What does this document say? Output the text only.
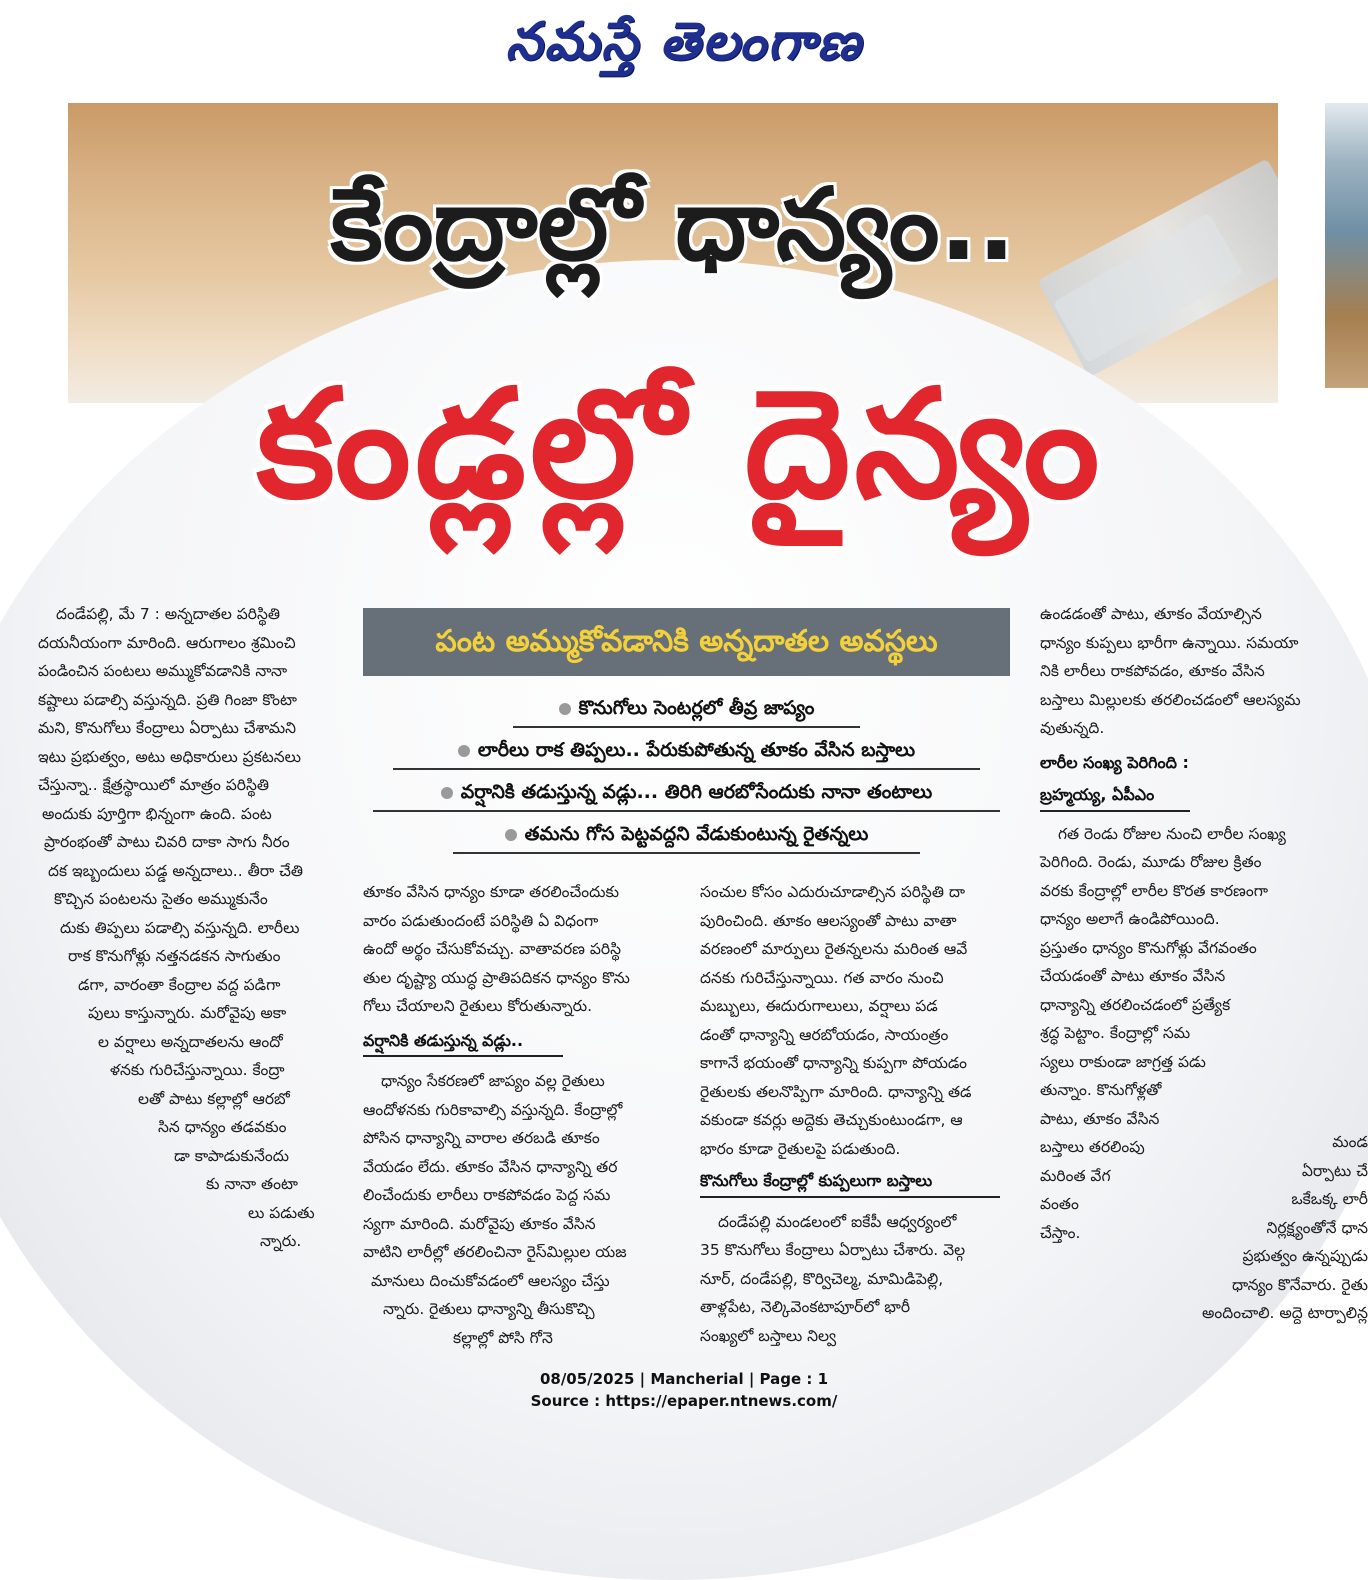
నమస్తే తెలంగాణ
కేంద్రాల్లో ధాన్యం..
కండ్లల్లో దైన్యం
పంట అమ్ముకోవడానికి అన్నదాతల అవస్థలు
కొనుగోలు సెంటర్లలో తీవ్ర జాప్యం
లారీలు రాక తిప్పలు.. పేరుకుపోతున్న తూకం వేసిన బస్తాలు
వర్షానికి తడుస్తున్న వడ్లు... తిరిగి ఆరబోసేందుకు నానా తంటాలు
తమను గోస పెట్టవద్దని వేడుకుంటున్న రైతన్నలు

దండేపల్లి, మే 7 : అన్నదాతల పరిస్థితి

దయనీయంగా మారింది. ఆరుగాలం శ్రమించి

పండించిన పంటలు అమ్ముకోవడానికి నానా

కష్టాలు పడాల్సి వస్తున్నది. ప్రతి గింజా కొంటా

మని, కొనుగోలు కేంద్రాలు ఏర్పాటు చేశామని

ఇటు ప్రభుత్వం, అటు అధికారులు ప్రకటనలు

చేస్తున్నా.. క్షేత్రస్థాయిలో మాత్రం పరిస్థితి

అందుకు పూర్తిగా భిన్నంగా ఉంది. పంట

ప్రారంభంతో పాటు చివరి దాకా సాగు నీరం

దక ఇబ్బందులు పడ్డ అన్నదాలు.. తీరా చేతి

కొచ్చిన పంటలను సైతం అమ్ముకునేం

దుకు తిప్పలు పడాల్సి వస్తున్నది. లారీలు

రాక కొనుగోళ్లు నత్తనడకన సాగుతుం

డగా, వారంతా కేంద్రాల వద్ద పడిగా

పులు కాస్తున్నారు. మరోవైపు అకా

ల వర్షాలు అన్నదాతలను ఆందో

ళనకు గురిచేస్తున్నాయి. కేంద్రా

లతో పాటు కల్లాల్లో ఆరబో

సిన ధాన్యం తడవకుం

డా కాపాడుకునేందు

కు నానా తంటా

లు పడుతు

న్నారు.

తూకం వేసిన ధాన్యం కూడా తరలించేందుకు

వారం పడుతుందంటే పరిస్థితి ఏ విధంగా

ఉందో అర్థం చేసుకోవచ్చు. వాతావరణ పరిస్థి

తుల దృష్ట్యా యుద్ధ ప్రాతిపదికన ధాన్యం కొను

గోలు చేయాలని రైతులు కోరుతున్నారు.

వర్షానికి తడుస్తున్న వడ్లు..

ధాన్యం సేకరణలో జాప్యం వల్ల రైతులు

ఆందోళనకు గురికావాల్సి వస్తున్నది. కేంద్రాల్లో

పోసిన ధాన్యాన్ని వారాల తరబడి తూకం

వేయడం లేదు. తూకం వేసిన ధాన్యాన్ని తర

లించేందుకు లారీలు రాకపోవడం పెద్ద సమ

స్యగా మారింది. మరోవైపు తూకం వేసిన

వాటిని లారీల్లో తరలించినా రైస్‌మిల్లుల యజ

మానులు దించుకోవడంలో ఆలస్యం చేస్తు

న్నారు. రైతులు ధాన్యాన్ని తీసుకొచ్చి

కల్లాల్లో పోసి గోనె

సంచుల కోసం ఎదురుచూడాల్సిన పరిస్థితి దా

పురించింది. తూకం ఆలస్యంతో పాటు వాతా

వరణంలో మార్పులు రైతన్నలను మరింత ఆవే

దనకు గురిచేస్తున్నాయి. గత వారం నుంచి

మబ్బులు, ఈదురుగాలులు, వర్షాలు పడ

డంతో ధాన్యాన్ని ఆరబోయడం, సాయంత్రం

కాగానే భయంతో ధాన్యాన్ని కుప్పగా పోయడం

రైతులకు తలనొప్పిగా మారింది. ధాన్యాన్ని తడ

వకుండా కవర్లు అద్దెకు తెచ్చుకుంటుండగా, ఆ

భారం కూడా రైతులపై పడుతుంది.

కొనుగోలు కేంద్రాల్లో కుప్పలుగా బస్తాలు

దండేపల్లి మండలంలో ఐకేపీ ఆధ్వర్యంలో

35 కొనుగోలు కేంద్రాలు ఏర్పాటు చేశారు. వెల్గ

నూర్, దండేపల్లి, కొర్విచెల్మ, మామిడిపెల్లి,

తాళ్లపేట, నెల్కివెంకటాపూర్‌లో భారీ

సంఖ్యలో బస్తాలు నిల్వ

ఉండడంతో పాటు, తూకం వేయాల్సిన

ధాన్యం కుప్పలు భారీగా ఉన్నాయి. సమయా

నికి లారీలు రాకపోవడం, తూకం వేసిన

బస్తాలు మిల్లులకు తరలించడంలో ఆలస్యమ

వుతున్నది.

లారీల సంఖ్య పెరిగింది :

బ్రహ్మయ్య, ఏపీఎం

గత రెండు రోజుల నుంచి లారీల సంఖ్య

పెరిగింది. రెండు, మూడు రోజుల క్రితం

వరకు కేంద్రాల్లో లారీల కొరత కారణంగా

ధాన్యం అలాగే ఉండిపోయింది.

ప్రస్తుతం ధాన్యం కొనుగోళ్లు వేగవంతం

చేయడంతో పాటు తూకం వేసిన

ధాన్యాన్ని తరలించడంలో ప్రత్యేక

శ్రద్ధ పెట్టాం. కేంద్రాల్లో సమ

స్యలు రాకుండా జాగ్రత్త పడు

తున్నాం. కొనుగోళ్లతో

పాటు, తూకం వేసిన

బస్తాలు తరలింపు

మరింత వేగ

వంతం

చేస్తాం.

మండ

ఏర్పాటు చే

ఒకేఒక్క లారీ

నిర్లక్ష్యంతోనే ధాన

ప్రభుత్వం ఉన్నప్పుడు

ధాన్యం కొనేవారు. రైతు

అందించాలి. అద్దె టార్పాలిన్ల

08/05/2025 | Mancherial | Page : 1
Source : https://epaper.ntnews.com/
